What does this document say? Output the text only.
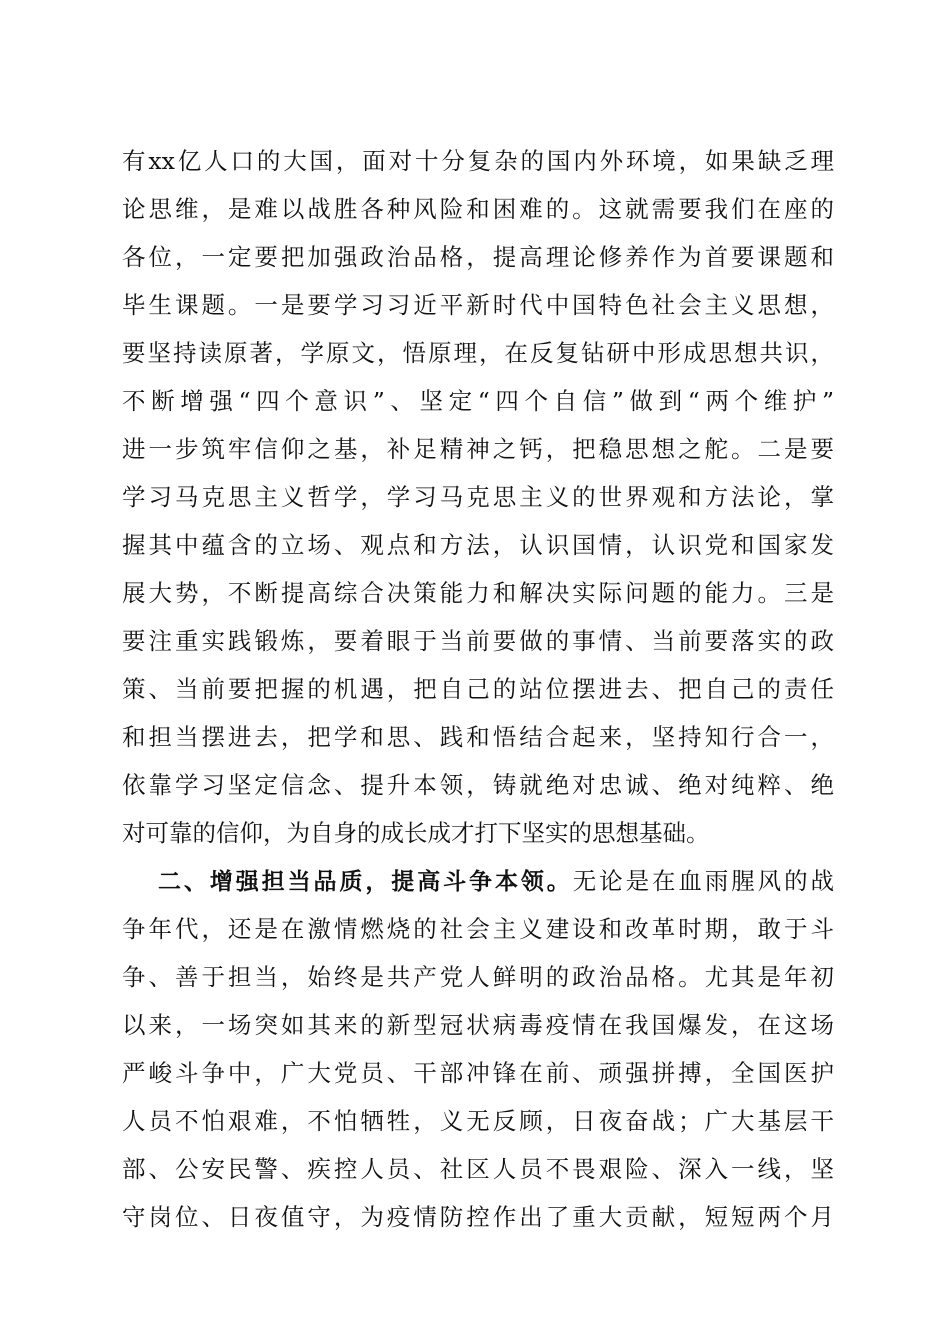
有xx亿人口的大国，面对十分复杂的国内外环境，如果缺乏理
论思维，是难以战胜各种风险和困难的。这就需要我们在座的
各位，一定要把加强政治品格，提高理论修养作为首要课题和
毕生课题。一是要学习习近平新时代中国特色社会主义思想，
要坚持读原著，学原文，悟原理，在反复钻研中形成思想共识，
不断增强“四个意识”、坚定“四个自信”做到“两个维护”
进一步筑牢信仰之基，补足精神之钙，把稳思想之舵。二是要
学习马克思主义哲学，学习马克思主义的世界观和方法论，掌
握其中蕴含的立场、观点和方法，认识国情，认识党和国家发
展大势，不断提高综合决策能力和解决实际问题的能力。三是
要注重实践锻炼，要着眼于当前要做的事情、当前要落实的政
策、当前要把握的机遇，把自己的站位摆进去、把自己的责任
和担当摆进去，把学和思、践和悟结合起来，坚持知行合一，
依靠学习坚定信念、提升本领，铸就绝对忠诚、绝对纯粹、绝
对可靠的信仰，为自身的成长成才打下坚实的思想基础。
二、增强担当品质，提高斗争本领。无论是在血雨腥风的战
争年代，还是在激情燃烧的社会主义建设和改革时期，敢于斗
争、善于担当，始终是共产党人鲜明的政治品格。尤其是年初
以来，一场突如其来的新型冠状病毒疫情在我国爆发，在这场
严峻斗争中，广大党员、干部冲锋在前、顽强拼搏，全国医护
人员不怕艰难，不怕牺牲，义无反顾，日夜奋战；广大基层干
部、公安民警、疾控人员、社区人员不畏艰险、深入一线，坚
守岗位、日夜值守，为疫情防控作出了重大贡献，短短两个月
